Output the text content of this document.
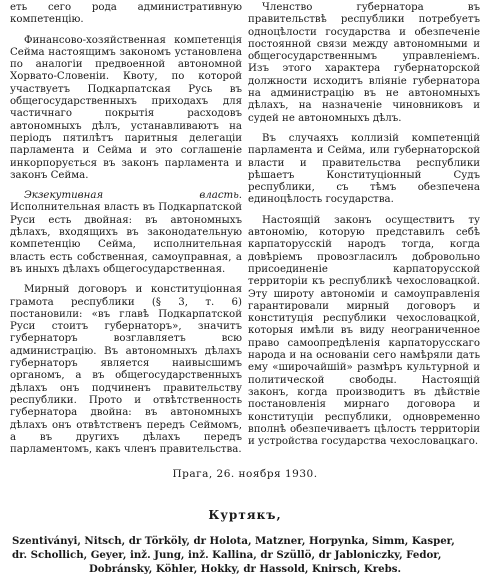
еть сего рода административную компетенцію.

Финансово-хозяйственная компетенція Сейма настоящимъ закономъ установлена по аналогіи предвоенной автономной Хорвато-Словеніи. Квоту, по которой участвуетъ Подкарпатская Русь въ общегосударственныхъ приходахъ для частичнаго покрытія расходовъ автономныхъ дѣлъ, устанавливаютъ на періодъ пятилѣтъ паритныя делегаціи парламента и Сейма и это соглашеніе инкорпорується въ законъ парламента и законъ Сейма.

Экзекутивная власть. Исполнительная власть въ Подкарпатской Руси есть двойная: въ автономныхъ дѣлахъ, входящихъ въ законодательную компетенцію Сейма, исполнительная власть есть собственная, самоуправная, а въ иныхъ дѣлахъ общегосударственная.

Мирный договоръ и конституціонная грамота республики (§ 3, т. 6) постановили: «въ главѣ Подкарпатской Руси стоитъ губернаторъ», значитъ губернаторъ возглавляетъ всю администрацію. Въ автономныхъ дѣлахъ губернаторъ является наивысшимъ органомъ, а въ общегосударственныхъ дѣлахъ онъ подчиненъ правительству республики. Прото и отвѣтственность губернатора двойна: въ автономныхъ дѣлахъ онъ отвѣтственъ передъ Сеймомъ, а въ другихъ дѣлахъ передъ парламентомъ, какъ членъ правительства.

Членство губернатора въ правительствѣ республики потребуетъ одноцѣлости государства и обезпеченіе постоянной связи между автономными и общегосударственнымъ управленіемъ. Изъ этого характера губернаторской должности исходитъ вліяніе губернатора на администрацію въ не автономныхъ дѣлахъ, на назначеніе чиновниковъ и судей не автономныхъ дѣлъ.

Въ случаяхъ коллизій компетенцій парламента и Сейма, или губернаторской власти и правительства республики рѣшаетъ Конституціонный Судъ республики, съ тѣмъ обезпечена единоцѣлость государства.

Настоящій законъ осуществитъ ту автономію, которую представилъ себѣ карпаторусскій народъ тогда, когда довѣріемъ провозгласилъ добровольно присоединеніе карпаторусской территоріи къ республикѣ чехословацкой. Эту широту автономіи и самоуправленія гарантировали мирный договоръ и конституція республики чехословацкой, которыя имѣли въ виду неограниченное право самоопредѣленія карпаторусскаго народа и на основаніи сего намѣряли дать ему «широчайшій» размѣръ культурной и политической свободы. Настоящій законъ, когда производитъ въ дѣйствіе постановленія мирнаго договора и конституціи республики, одновременно вполнѣ обезпечиваетъ цѣлость территоріи и устройства государства чехословацкаго.

Прага, 26. ноября 1930.
Куртякъ,
Szentiványi, Nitsch, dr Törköly, dr Holota, Matzner, Horpynka, Simm, Kasper,
dr. Schollich, Geyer, inž. Jung, inž. Kallina, dr Szüllö, dr Jabloniczky, Fedor,
Dobránsky, Köhler, Hokky, dr Hassold, Knirsch, Krebs.
